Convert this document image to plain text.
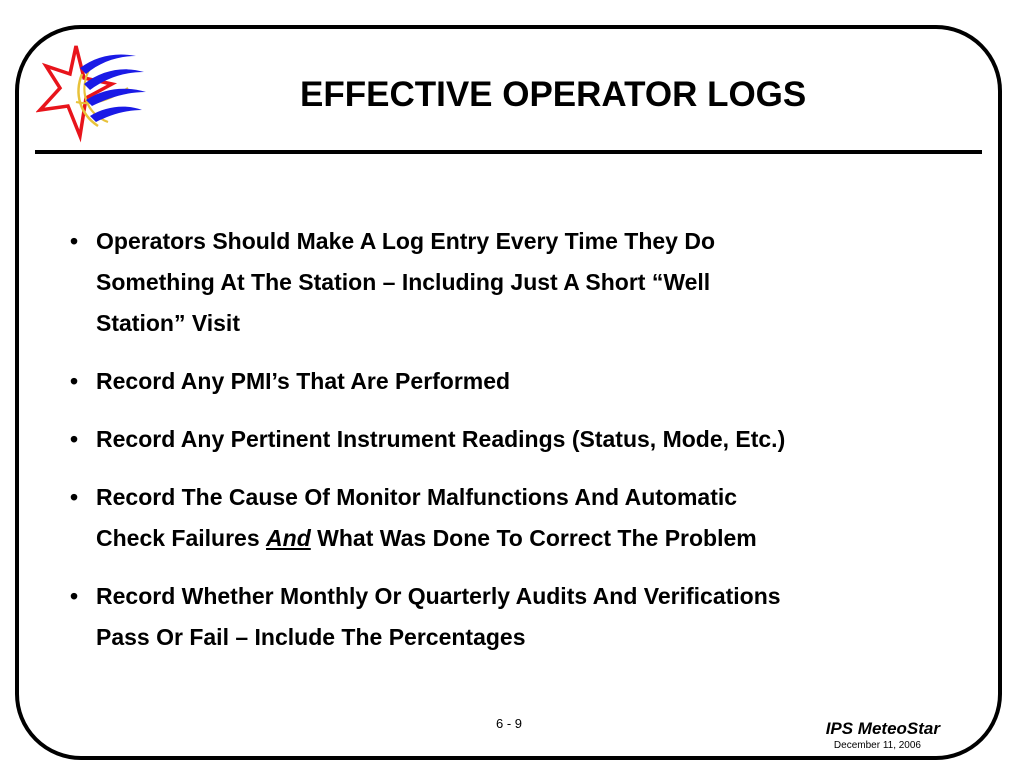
EFFECTIVE OPERATOR LOGS
• Operators Should Make A Log Entry Every Time They Do
Something At The Station – Including Just A Short “Well
Station” Visit
• Record Any PMI’s That Are Performed
• Record Any Pertinent Instrument Readings (Status, Mode, Etc.)
• Record The Cause Of Monitor Malfunctions And Automatic
Check Failures And What Was Done To Correct The Problem
• Record Whether Monthly Or Quarterly Audits And Verifications
Pass Or Fail – Include The Percentages
6 - 9	IPS MeteoStar
December 11, 2006
